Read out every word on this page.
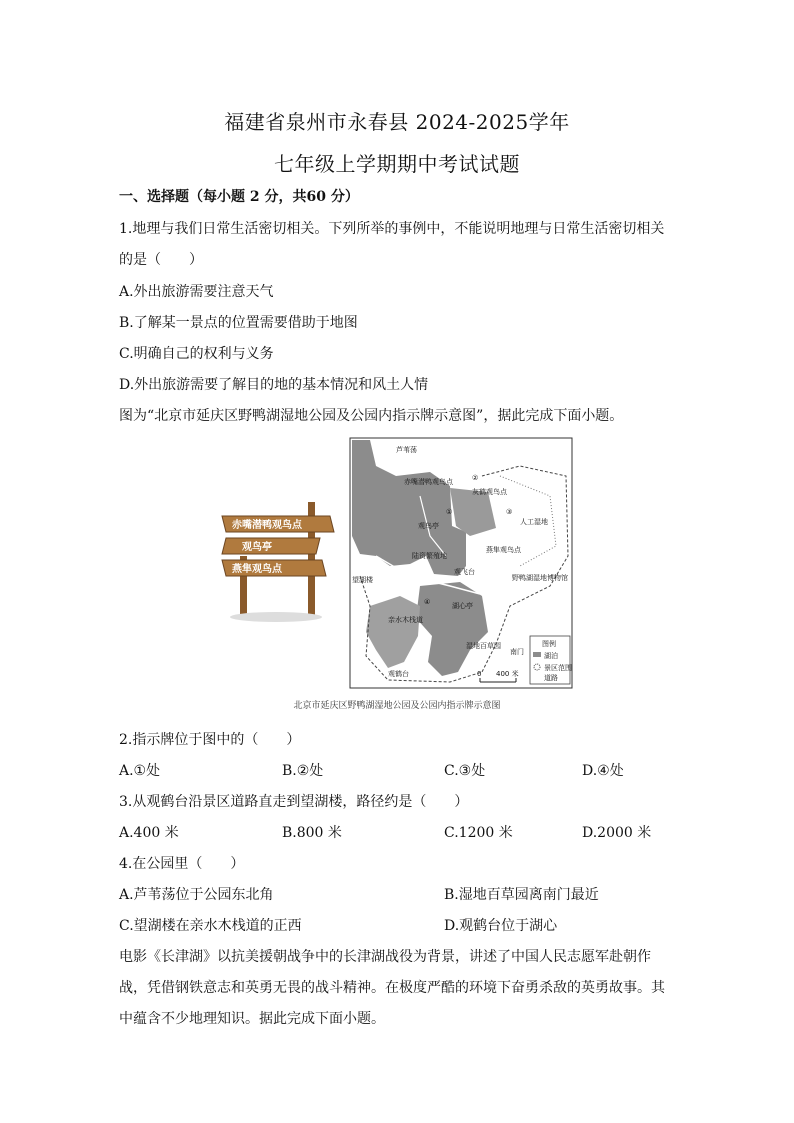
福建省泉州市永春县 2024-2025学年
七年级上学期期中考试试题
一、选择题（每小题 2 分，共60 分）
1.地理与我们日常生活密切相关。下列所举的事例中，不能说明地理与日常生活密切相关
的是（　　）
A.外出旅游需要注意天气
B.了解某一景点的位置需要借助于地图
C.明确自己的权利与义务
D.外出旅游需要了解目的地的基本情况和风土人情
图为“北京市延庆区野鸭湖湿地公园及公园内指示牌示意图”，据此完成下面小题。
赤嘴潜鸭观鸟点
观鸟亭
燕隼观鸟点
芦苇荡
赤嘴潜鸭观鸟点
灰鹤观鸟点
人工湿地
观鸟亭
燕隼观鸟点
陆资繁殖地
望湖楼
观飞台
野鸭湖湿地博物馆
湖心亭
亲水木栈道
湿地百草园
南门
观鹤台
①
②
③
④
图例
湖泊
景区范围
道路
0 400 米
北京市延庆区野鸭湖湿地公园及公园内指示牌示意图
2.指示牌位于图中的（　　）
A.①处	B.②处	C.③处	D.④处
3.从观鹤台沿景区道路直走到望湖楼，路径约是（　　）
A.400 米	B.800 米	C.1200 米	D.2000 米
4.在公园里（　　）
A.芦苇荡位于公园东北角	B.湿地百草园离南门最近
C.望湖楼在亲水木栈道的正西	D.观鹤台位于湖心
电影《长津湖》以抗美援朝战争中的长津湖战役为背景，讲述了中国人民志愿军赴朝作
战，凭借钢铁意志和英勇无畏的战斗精神。在极度严酷的环境下奋勇杀敌的英勇故事。其
中蕴含不少地理知识。据此完成下面小题。
